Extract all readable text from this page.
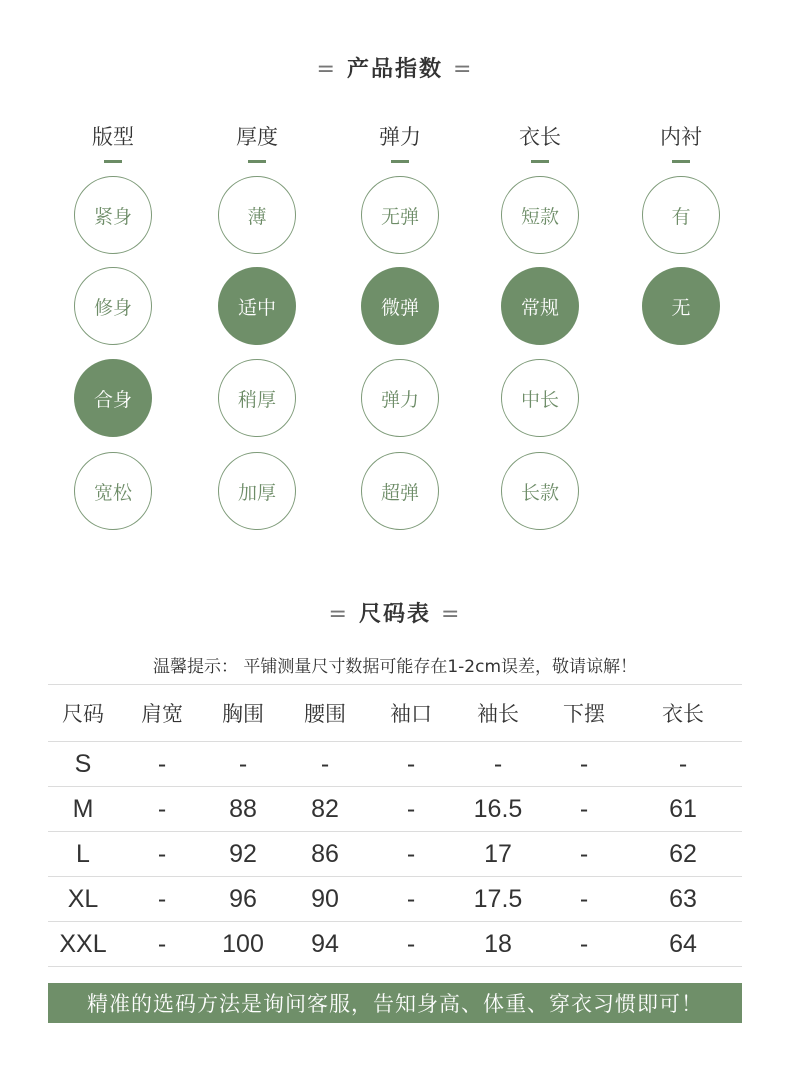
= 产品指数 =
版型	厚度	弹力	衣长	内衬
紧身
修身
合身
宽松
薄
适中
稍厚
加厚
无弹
微弹
弹力
超弹
短款
常规
中长
长款
有
无
= 尺码表 =
温馨提示： 平铺测量尺寸数据可能存在1-2cm误差，敬请谅解！
尺码	肩宽	胸围	腰围	袖口	袖长	下摆	衣长
S	-	-	-	-	-	-	-
M	-	88	82	-	16.5	-	61
L	-	92	86	-	17	-	62
XL	-	96	90	-	17.5	-	63
XXL	-	100	94	-	18	-	64
精准的选码方法是询问客服，告知身高、体重、穿衣习惯即可！
